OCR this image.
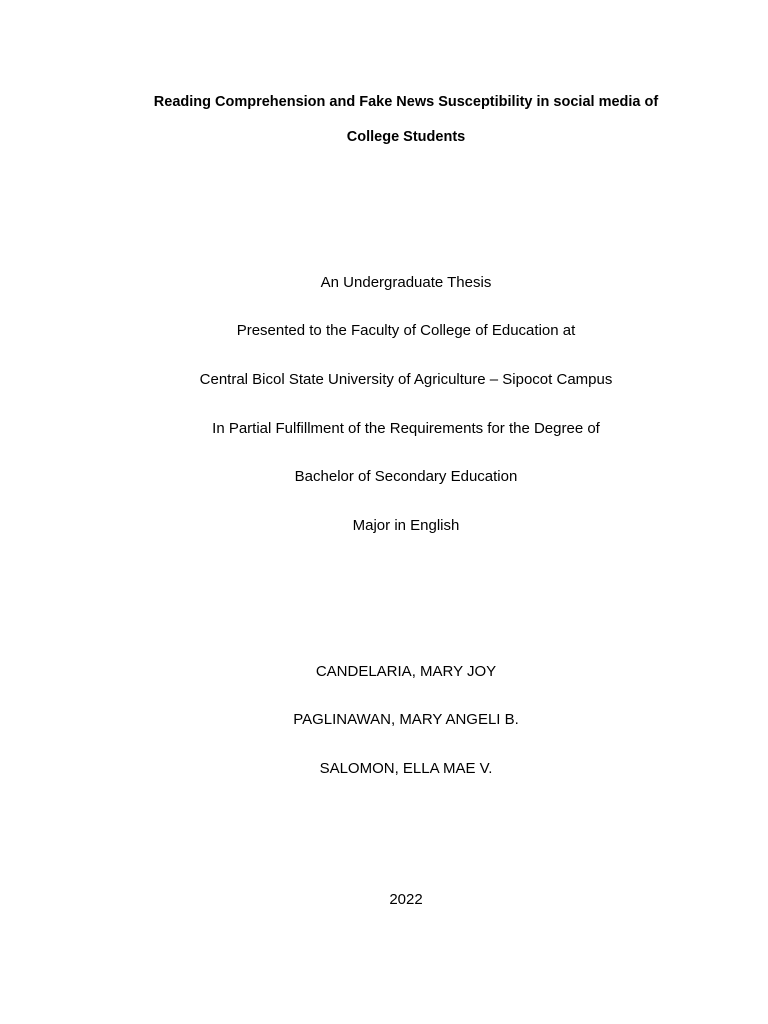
Reading Comprehension and Fake News Susceptibility in social media of
College Students
An Undergraduate Thesis
Presented to the Faculty of College of Education at
Central Bicol State University of Agriculture – Sipocot Campus
In Partial Fulfillment of the Requirements for the Degree of
Bachelor of Secondary Education
Major in English
CANDELARIA, MARY JOY
PAGLINAWAN, MARY ANGELI B.
SALOMON, ELLA MAE V.
2022
